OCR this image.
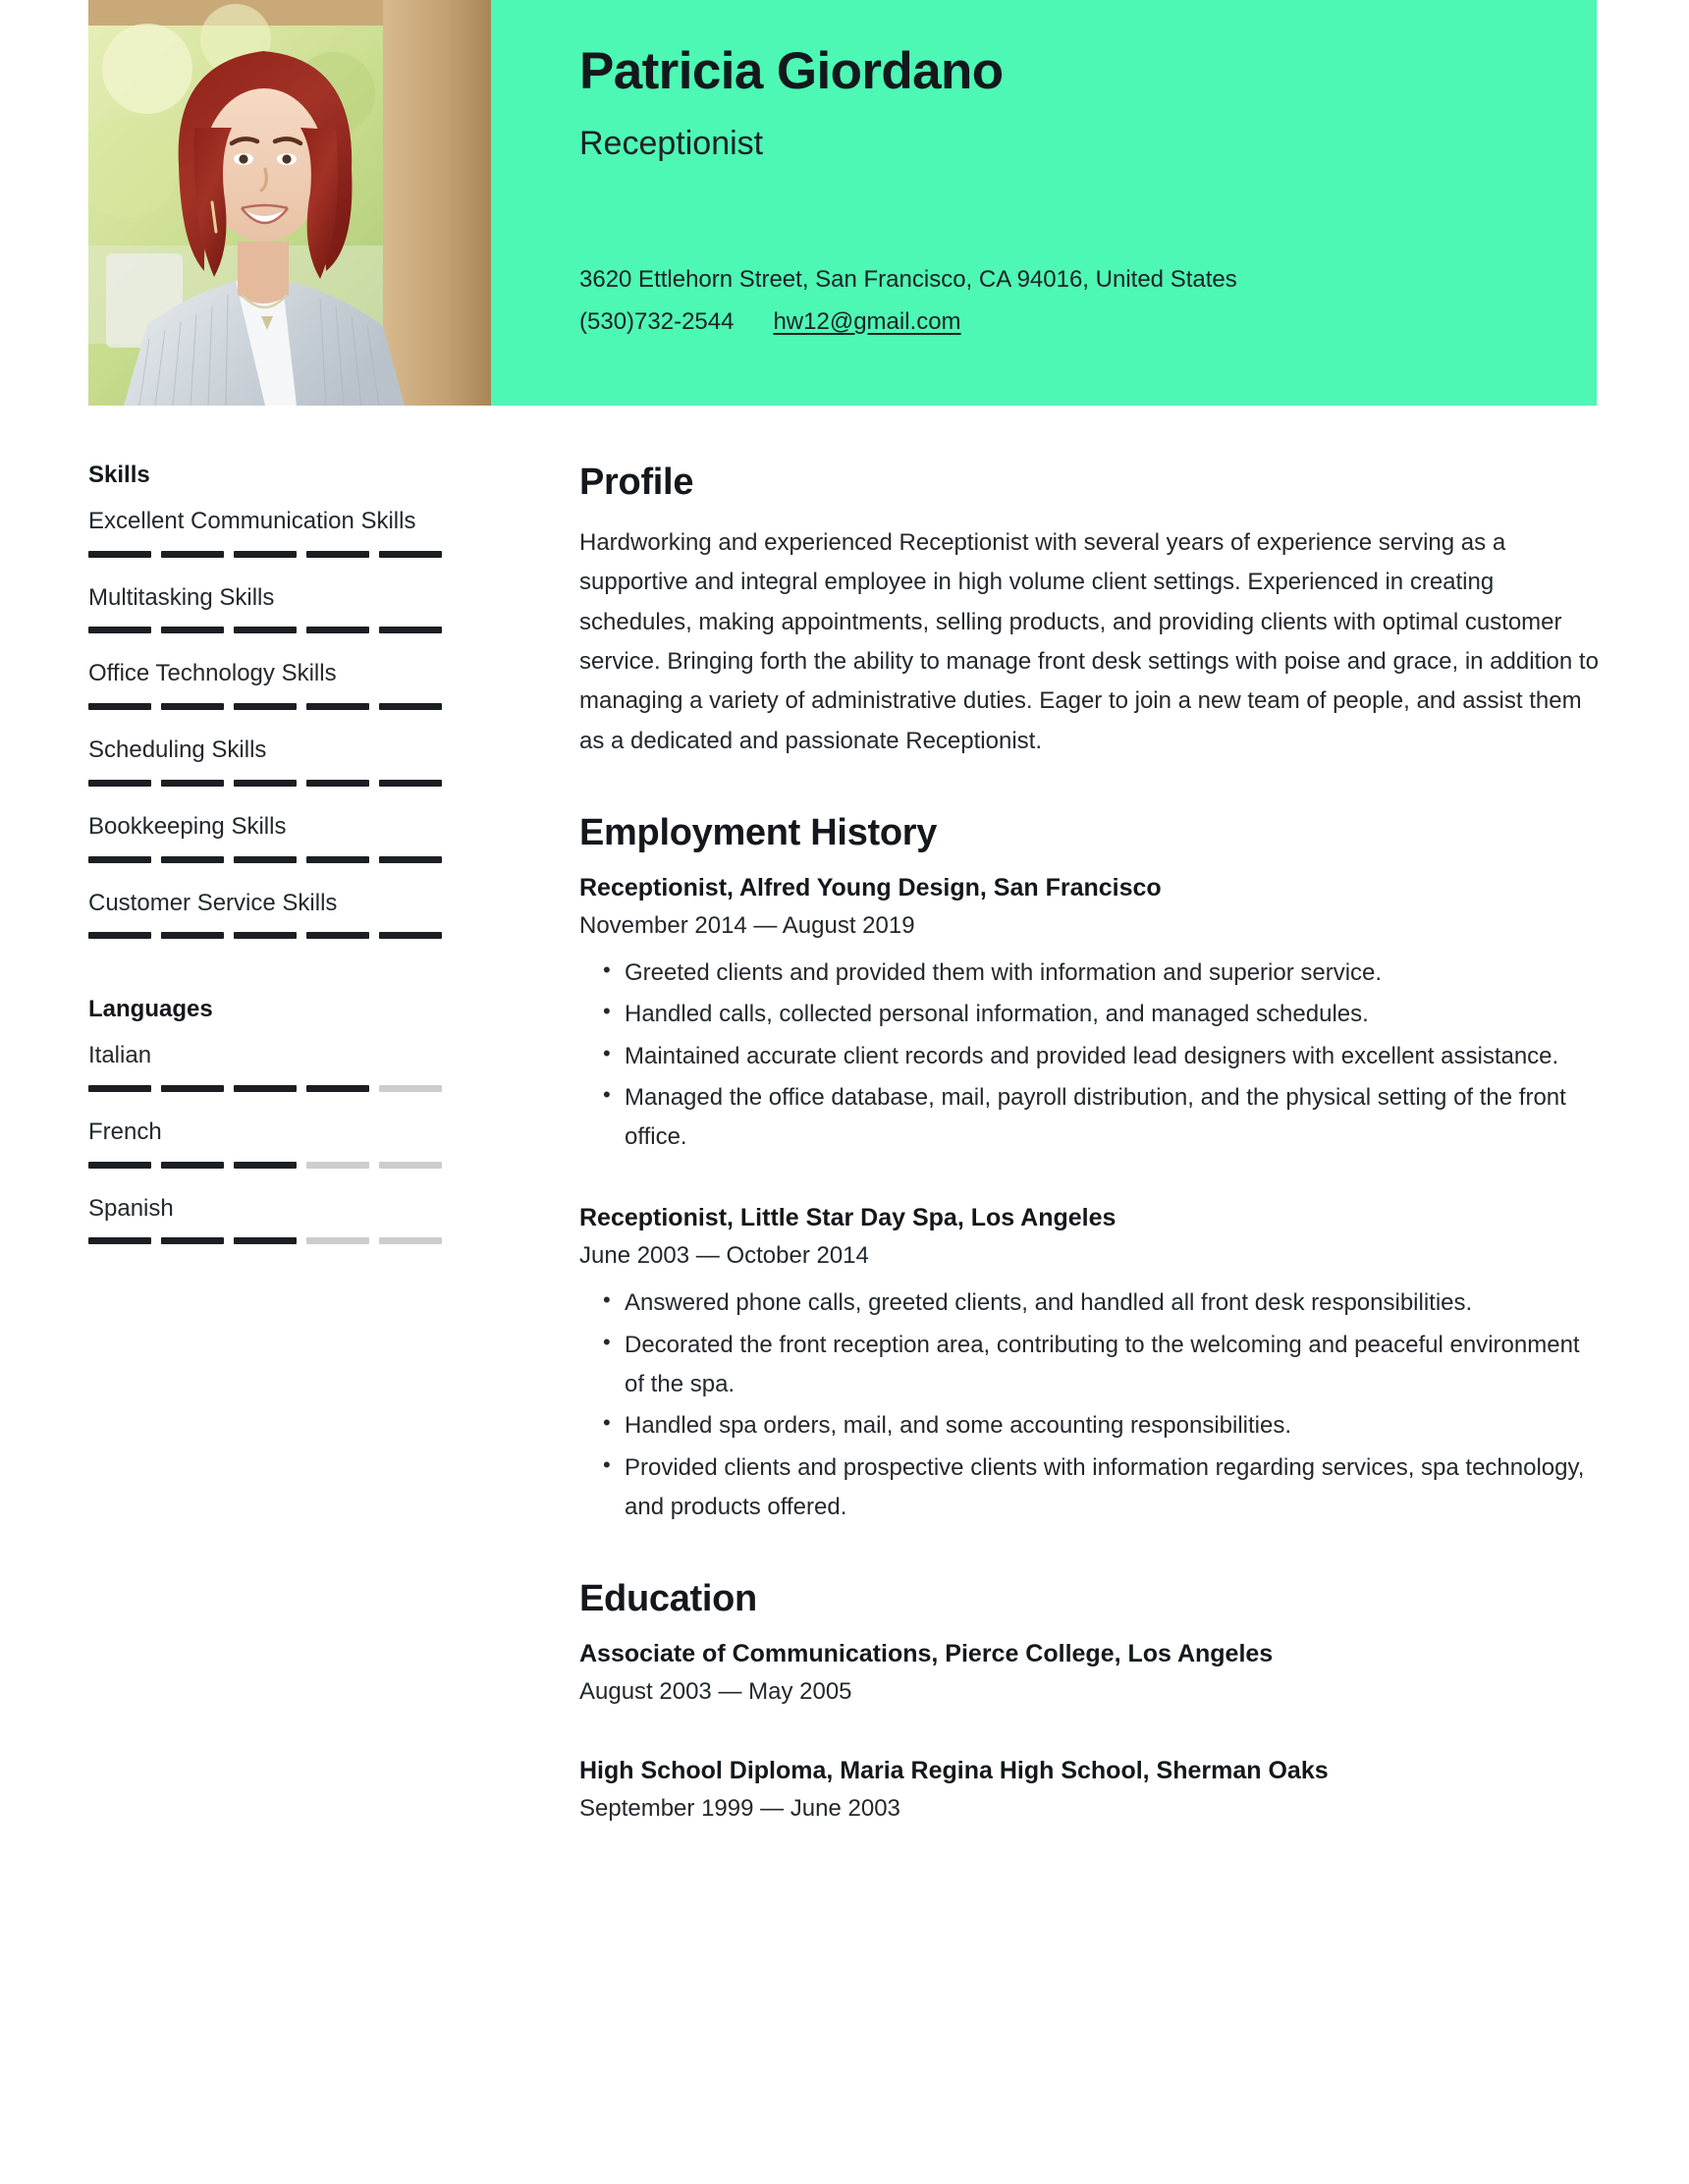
Patricia Giordano
Receptionist
3620 Ettlehorn Street, San Francisco, CA 94016, United States
(530)732-2544 hw12@gmail.com
Skills
Excellent Communication Skills
Multitasking Skills
Office Technology Skills
Scheduling Skills
Bookkeeping Skills
Customer Service Skills
Languages
Italian
French
Spanish
Profile
Hardworking and experienced Receptionist with several years of experience serving as a supportive and integral employee in high volume client settings. Experienced in creating schedules, making appointments, selling products, and providing clients with optimal customer service. Bringing forth the ability to manage front desk settings with poise and grace, in addition to managing a variety of administrative duties. Eager to join a new team of people, and assist them as a dedicated and passionate Receptionist.
Employment History
Receptionist, Alfred Young Design, San Francisco
November 2014 — August 2019
• Greeted clients and provided them with information and superior service.
• Handled calls, collected personal information, and managed schedules.
• Maintained accurate client records and provided lead designers with excellent assistance.
• Managed the office database, mail, payroll distribution, and the physical setting of the front office.
Receptionist, Little Star Day Spa, Los Angeles
June 2003 — October 2014
• Answered phone calls, greeted clients, and handled all front desk responsibilities.
• Decorated the front reception area, contributing to the welcoming and peaceful environment of the spa.
• Handled spa orders, mail, and some accounting responsibilities.
• Provided clients and prospective clients with information regarding services, spa technology, and products offered.
Education
Associate of Communications, Pierce College, Los Angeles
August 2003 — May 2005
High School Diploma, Maria Regina High School, Sherman Oaks
September 1999 — June 2003
